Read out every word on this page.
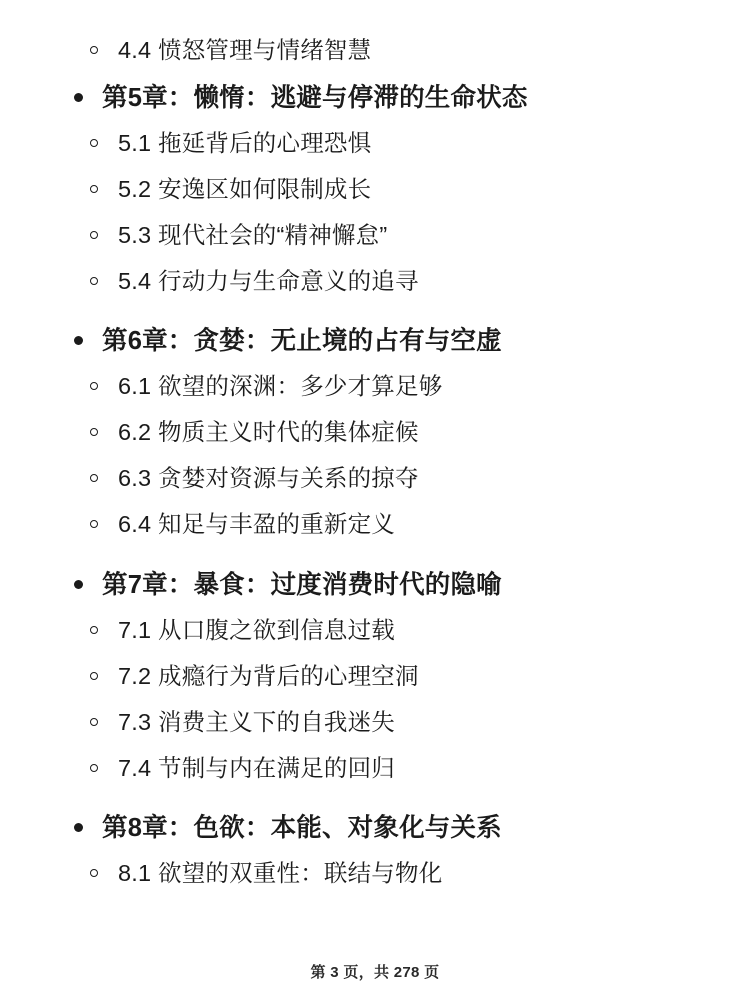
4.4 愤怒管理与情绪智慧
第5章：懒惰：逃避与停滞的生命状态
5.1 拖延背后的心理恐惧
5.2 安逸区如何限制成长
5.3 现代社会的“精神懈怠”
5.4 行动力与生命意义的追寻
第6章：贪婪：无止境的占有与空虚
6.1 欲望的深渊：多少才算足够
6.2 物质主义时代的集体症候
6.3 贪婪对资源与关系的掠夺
6.4 知足与丰盈的重新定义
第7章：暴食：过度消费时代的隐喻
7.1 从口腹之欲到信息过载
7.2 成瘾行为背后的心理空洞
7.3 消费主义下的自我迷失
7.4 节制与内在满足的回归
第8章：色欲：本能、对象化与关系
8.1 欲望的双重性：联结与物化
第 3 页，共 278 页
